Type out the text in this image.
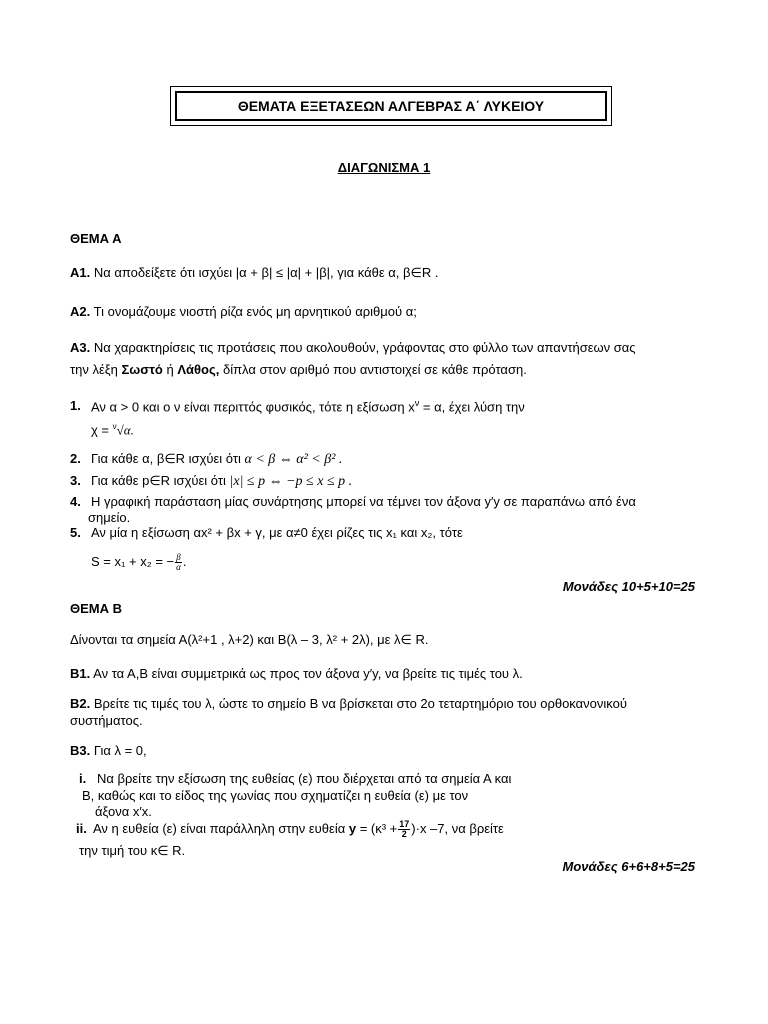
ΘΕΜΑΤΑ ΕΞΕΤΑΣΕΩΝ ΑΛΓΕΒΡΑΣ Α΄ ΛΥΚΕΙΟΥ
ΔΙΑΓΩΝΙΣΜΑ 1
ΘΕΜΑ Α
Α1. Να αποδείξετε ότι ισχύει |α + β| ≤ |α| + |β|, για κάθε α, β∈R .
Α2. Τι ονομάζουμε νιοστή ρίζα ενός μη αρνητικού αριθμού α;
Α3. Να χαρακτηρίσεις τις προτάσεις που ακολουθούν, γράφοντας στο φύλλο των απαντήσεων σας
την λέξη Σωστό ή Λάθος, δίπλα στον αριθμό που αντιστοιχεί σε κάθε πρόταση.
1. Αν α > 0 και ο ν είναι περιττός φυσικός, τότε η εξίσωση $x^\nu = \alpha$, έχει λύση την
χ = $^\nu$√α.
2. Για κάθε α, β∈R ισχύει ότι α < β ⇔ α² < β² .
3. Για κάθε p∈R ισχύει ότι |x| ≤ p ⇔ −p ≤ x ≤ p .
4. Η γραφική παράσταση μίας συνάρτησης μπορεί να τέμνει τον άξονα y′y σε παραπάνω από ένα
σημείο.
5. Αν μία η εξίσωση αx² + βx + γ, με α≠0 έχει ρίζες τις x₁ και x₂, τότε
S = x₁ + x₂ = − $\frac{\beta}{\alpha}$ .
Μονάδες 10+5+10=25
ΘΕΜΑ Β
Δίνονται τα σημεία Α(λ²+1 , λ+2) και Β(λ – 3, λ² + 2λ), με λ∈ R.
Β1. Αν τα Α,Β είναι συμμετρικά ως προς τον άξονα y′y, να βρείτε τις τιμές του λ.
Β2. Βρείτε τις τιμές του λ, ώστε το σημείο Β να βρίσκεται στο 2ο τεταρτημόριο του ορθοκανονικού
συστήματος.
Β3. Για λ = 0,
i. Να βρείτε την εξίσωση της ευθείας (ε) που διέρχεται από τα σημεία Α και
Β, καθώς και το είδος της γωνίας που σχηματίζει η ευθεία (ε) με τον
άξονα x′x.
ii. Αν η ευθεία (ε) είναι παράλληλη στην ευθεία $y = (\kappa^3 + \frac{17}{2} )\cdot x$ –7, να βρείτε
την τιμή του κ∈ R.
Μονάδες 6+6+8+5=25
